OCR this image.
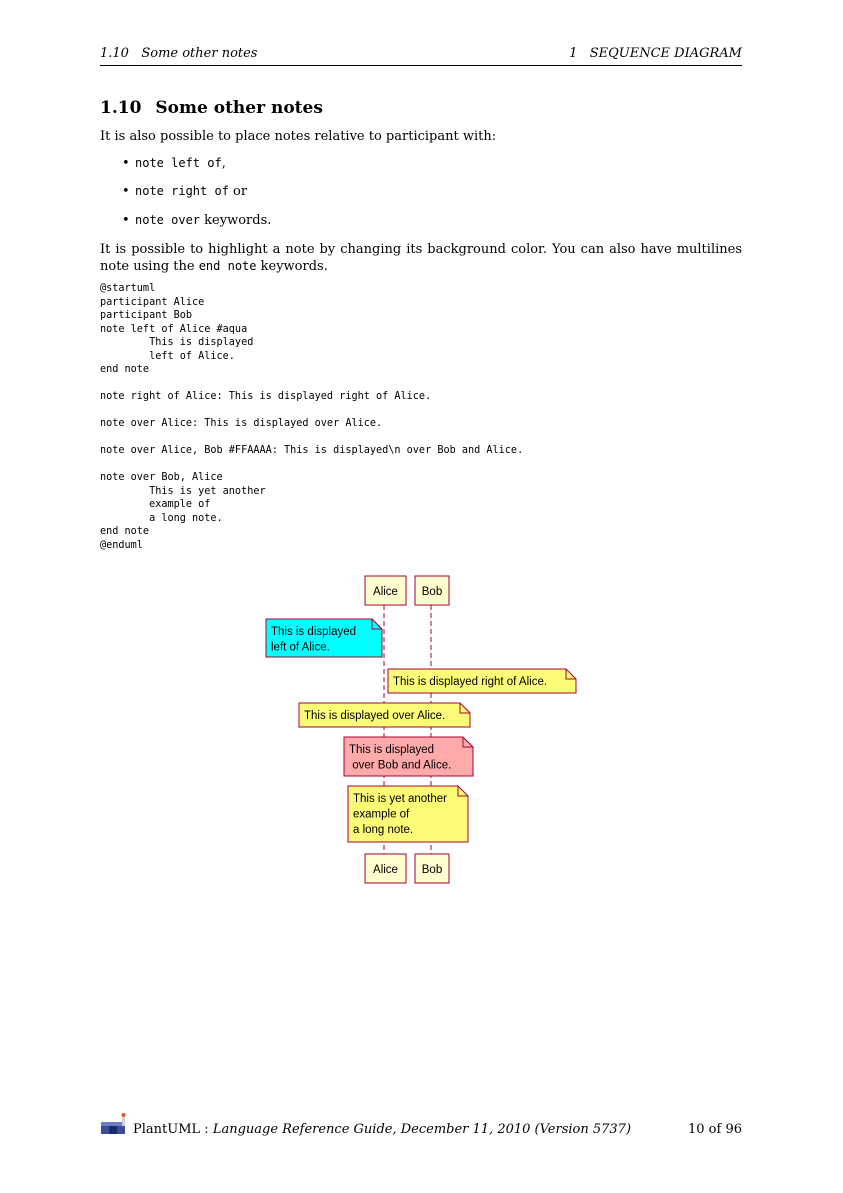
1.10   Some other notes	1   SEQUENCE DIAGRAM
1.10 Some other notes

It is also possible to place notes relative to participant with:

• note left of,
• note right of or
• note over keywords.

It is possible to highlight a note by changing its background color. You can also have multilines note using the end note keywords.

@startuml
participant Alice
participant Bob
note left of Alice #aqua
This is displayed
left of Alice.
end note

note right of Alice: This is displayed right of Alice.

note over Alice: This is displayed over Alice.

note over Alice, Bob #FFAAAA: This is displayed\n over Bob and Alice.

note over Bob, Alice
This is yet another
example of
a long note.
end note
@enduml
Alice Bob
Alice Bob
This is displayed
left of Alice.
This is displayed right of Alice.
This is displayed over Alice.
This is displayed
over Bob and Alice.
This is yet another
example of
a long note.
PlantUML : Language Reference Guide, December 11, 2010 (Version 5737)	10 of 96
